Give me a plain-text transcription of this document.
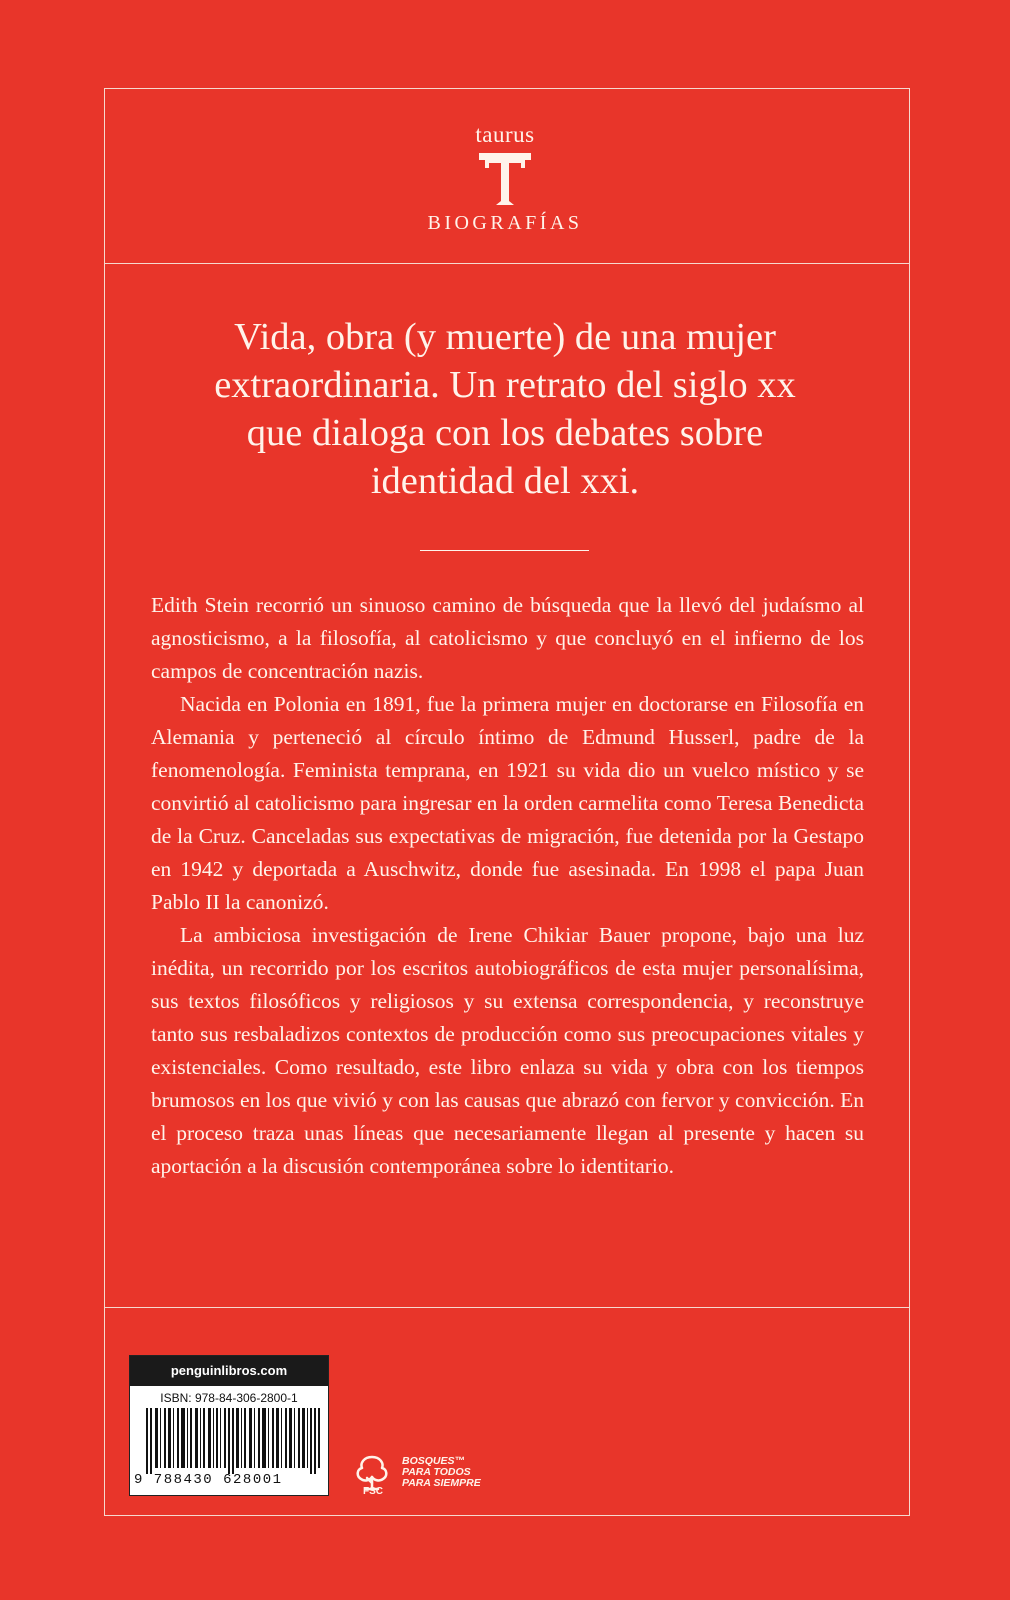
taurus
BIOGRAFÍAS
Vida, obra (y muerte) de una mujer
extraordinaria. Un retrato del siglo xx
que dialoga con los debates sobre
identidad del xxi.

Edith Stein recorrió un sinuoso camino de búsqueda que la llevó del judaísmo al agnosticismo, a la filosofía, al catolicismo y que concluyó en el infierno de los campos de concentración nazis.

Nacida en Polonia en 1891, fue la primera mujer en doctorarse en Filosofía en Alemania y perteneció al círculo íntimo de Edmund Husserl, padre de la fenomenología. Feminista temprana, en 1921 su vida dio un vuelco místico y se convirtió al catolicismo para ingresar en la orden carmelita como Teresa Benedicta de la Cruz. Canceladas sus expectativas de migración, fue detenida por la Gestapo en 1942 y deportada a Auschwitz, donde fue asesinada. En 1998 el papa Juan Pablo II la canonizó.

La ambiciosa investigación de Irene Chikiar Bauer propone, bajo una luz inédita, un recorrido por los escritos autobiográficos de esta mujer personalísima, sus textos filosóficos y religiosos y su extensa correspondencia, y reconstruye tanto sus resbaladizos contextos de producción como sus preocupaciones vitales y existenciales. Como resultado, este libro enlaza su vida y obra con los tiempos brumosos en los que vivió y con las causas que abrazó con fervor y convicción. En el proceso traza unas líneas que necesariamente llegan al presente y hacen su aportación a la discusión contemporánea sobre lo identitario.

penguinlibros.com
ISBN: 978-84-306-2800-1
9 788430 628001
FSC
BOSQUES™
PARA TODOS
PARA SIEMPRE
